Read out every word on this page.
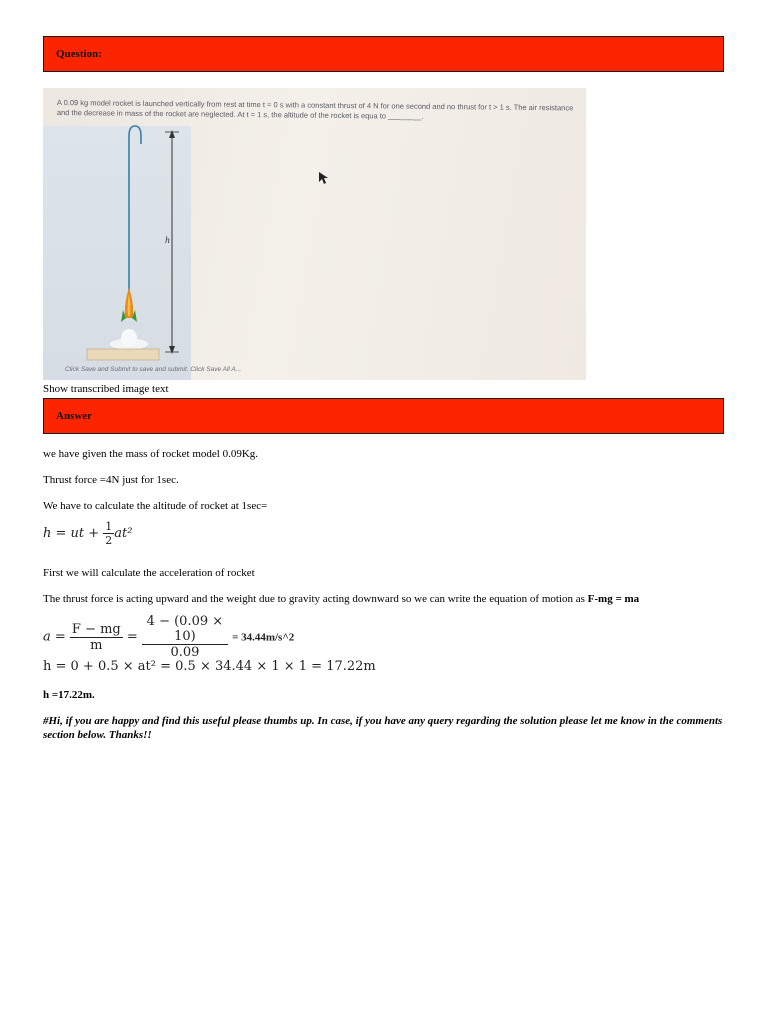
Question:
A 0.09 kg model rocket is launched vertically from rest at time t = 0 s with a constant thrust of 4 N for one second and no thrust for t > 1 s. The air resistance and the decrease in mass of the rocket are neglected. At t = 1 s, the altitude of the rocket is equa to ________.
h
Click Save and Submit to save and submit. Click Save All A...
Show transcribed image text
Answer
we have given the mass of rocket model 0.09Kg.
Thrust force =4N just for 1sec.
We have to calculate the altitude of rocket at 1sec=
h = ut + $\frac{1}{2} at^2$
First we will calculate the acceleration of rocket
The thrust force is acting upward and the weight due to gravity acting downward so we can write the equation of motion as F-mg = ma
$a = \frac{F - mg}{m} = \frac{4 - (0.09 \times 10)}{0.09}$ = 34.44m/s^2
h = 0 + 0.5 × at² = 0.5 × 34.44 × 1 × 1 = 17.22m
h =17.22m.
#Hi, if you are happy and find this useful please thumbs up. In case, if you have any query regarding the solution please let me know in the comments section below. Thanks!!
